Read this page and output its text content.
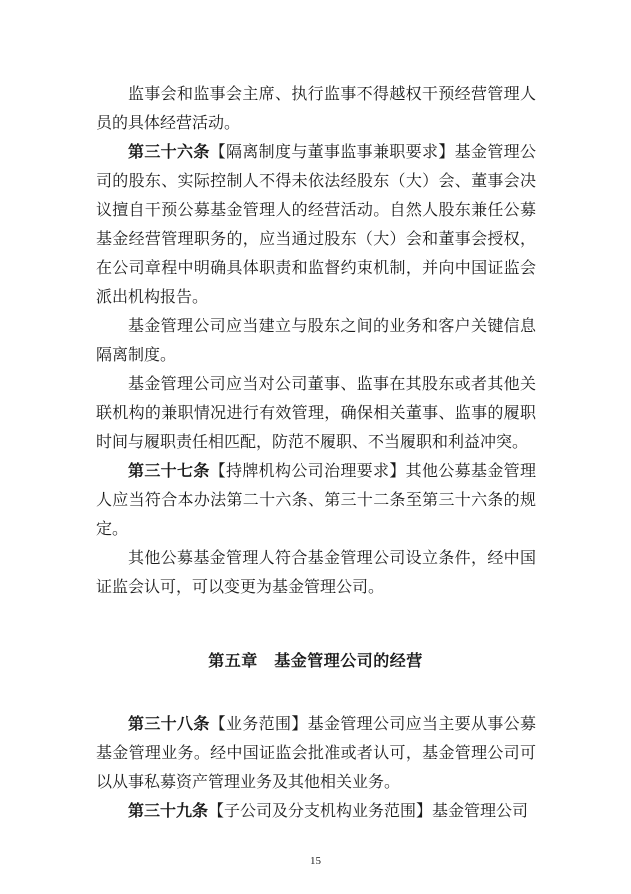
监事会和监事会主席、执行监事不得越权干预经营管理人员的具体经营活动。

第三十六条【隔离制度与董事监事兼职要求】基金管理公司的股东、实际控制人不得未依法经股东（大）会、董事会决议擅自干预公募基金管理人的经营活动。自然人股东兼任公募基金经营管理职务的，应当通过股东（大）会和董事会授权，在公司章程中明确具体职责和监督约束机制，并向中国证监会派出机构报告。

基金管理公司应当建立与股东之间的业务和客户关键信息隔离制度。

基金管理公司应当对公司董事、监事在其股东或者其他关联机构的兼职情况进行有效管理，确保相关董事、监事的履职时间与履职责任相匹配，防范不履职、不当履职和利益冲突。

第三十七条【持牌机构公司治理要求】其他公募基金管理人应当符合本办法第二十六条、第三十二条至第三十六条的规定。

其他公募基金管理人符合基金管理公司设立条件，经中国证监会认可，可以变更为基金管理公司。

第五章　基金管理公司的经营

第三十八条【业务范围】基金管理公司应当主要从事公募基金管理业务。经中国证监会批准或者认可，基金管理公司可以从事私募资产管理业务及其他相关业务。

第三十九条【子公司及分支机构业务范围】基金管理公司

15
